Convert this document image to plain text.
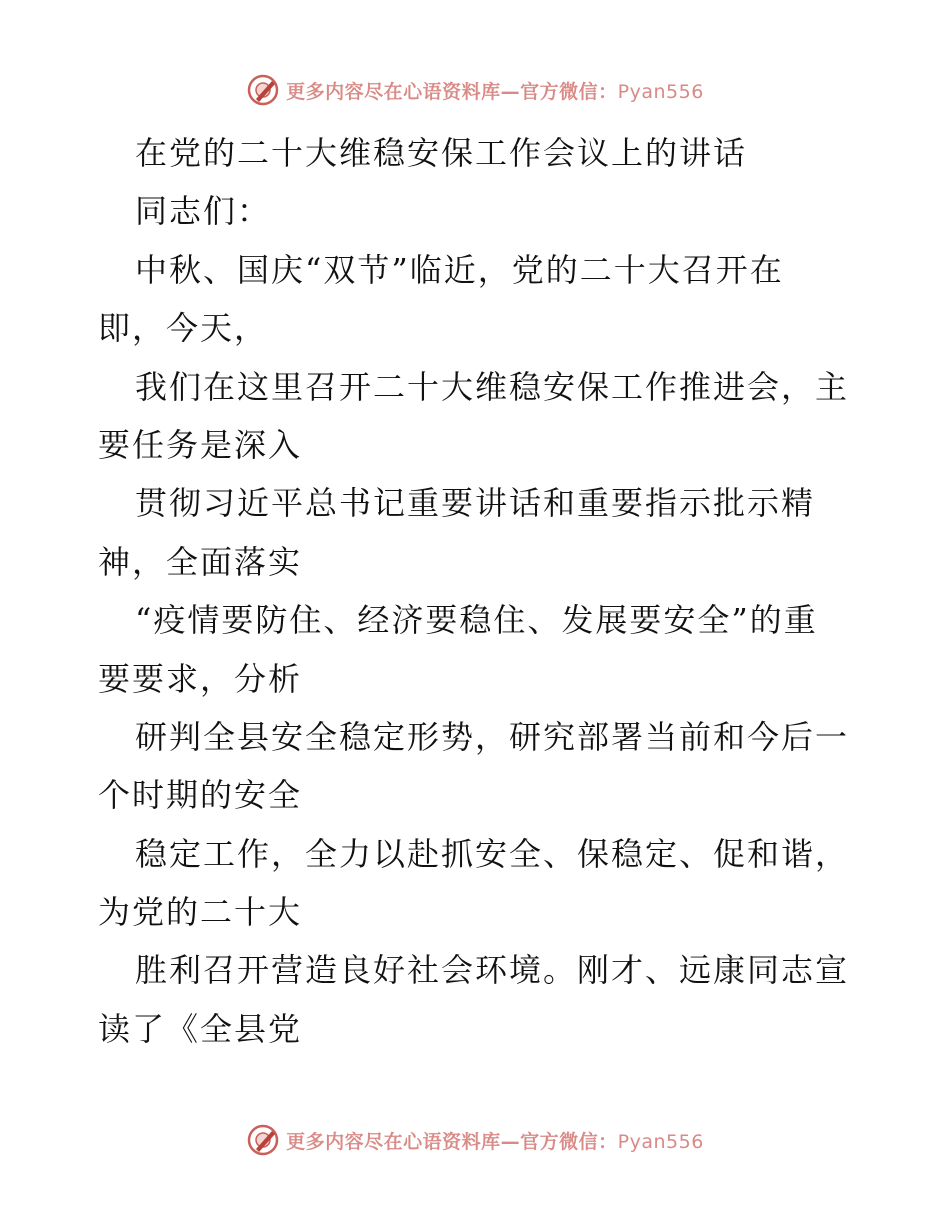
更多内容尽在心语资料库—官方微信：Pyan556
在党的二十大维稳安保工作会议上的讲话
同志们：
中秋、国庆“双节”临近，党的二十大召开在
即，今天，
我们在这里召开二十大维稳安保工作推进会，主
要任务是深入
贯彻习近平总书记重要讲话和重要指示批示精
神，全面落实
“疫情要防住、经济要稳住、发展要安全”的重
要要求，分析
研判全县安全稳定形势，研究部署当前和今后一
个时期的安全
稳定工作，全力以赴抓安全、保稳定、促和谐，
为党的二十大
胜利召开营造良好社会环境。刚才、远康同志宣
读了《全县党
更多内容尽在心语资料库—官方微信：Pyan556
